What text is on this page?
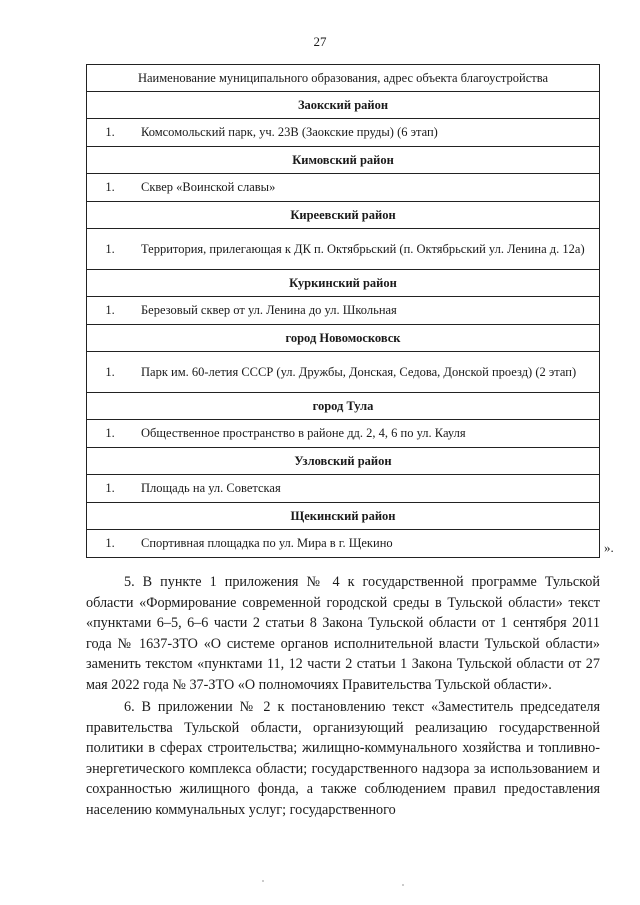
27
Наименование муниципального образования, адрес объекта благоустройства	
Заокский район	
1.	Комсомольский парк, уч. 23В (Заокские пруды) (6 этап)
Кимовский район	
1.	Сквер «Воинской славы»
Киреевский район	
1.	Территория, прилегающая к ДК п. Октябрьский (п. Октябрьский ул. Ленина д. 12а)
Куркинский район	
1.	Березовый сквер от ул. Ленина до ул. Школьная
город Новомосковск	
1.	Парк им. 60-летия СССР (ул. Дружбы, Донская, Седова, Донской проезд) (2 этап)
город Тула	
1.	Общественное пространство в районе дд. 2, 4, 6 по ул. Кауля
Узловский район	
1.	Площадь на ул. Советская
Щекинский район	
1.	Спортивная площадка по ул. Мира в г. Щекино	».

5. В пункте 1 приложения № 4 к государственной программе Тульской области «Формирование современной городской среды в Тульской области» текст «пунктами 6–5, 6–6 части 2 статьи 8 Закона Тульской области от 1 сентября 2011 года № 1637-ЗТО «О системе органов исполнительной власти Тульской области» заменить текстом «пунктами 11, 12 части 2 статьи 1 Закона Тульской области от 27 мая 2022 года № 37-ЗТО «О полномочиях Правительства Тульской области».

6. В приложении № 2 к постановлению текст «Заместитель председателя правительства Тульской области, организующий реализацию государственной политики в сферах строительства; жилищно-коммунального хозяйства и топливно-энергетического комплекса области; государственного надзора за использованием и сохранностью жилищного фонда, а также соблюдением правил предоставления населению коммунальных услуг; государственного
